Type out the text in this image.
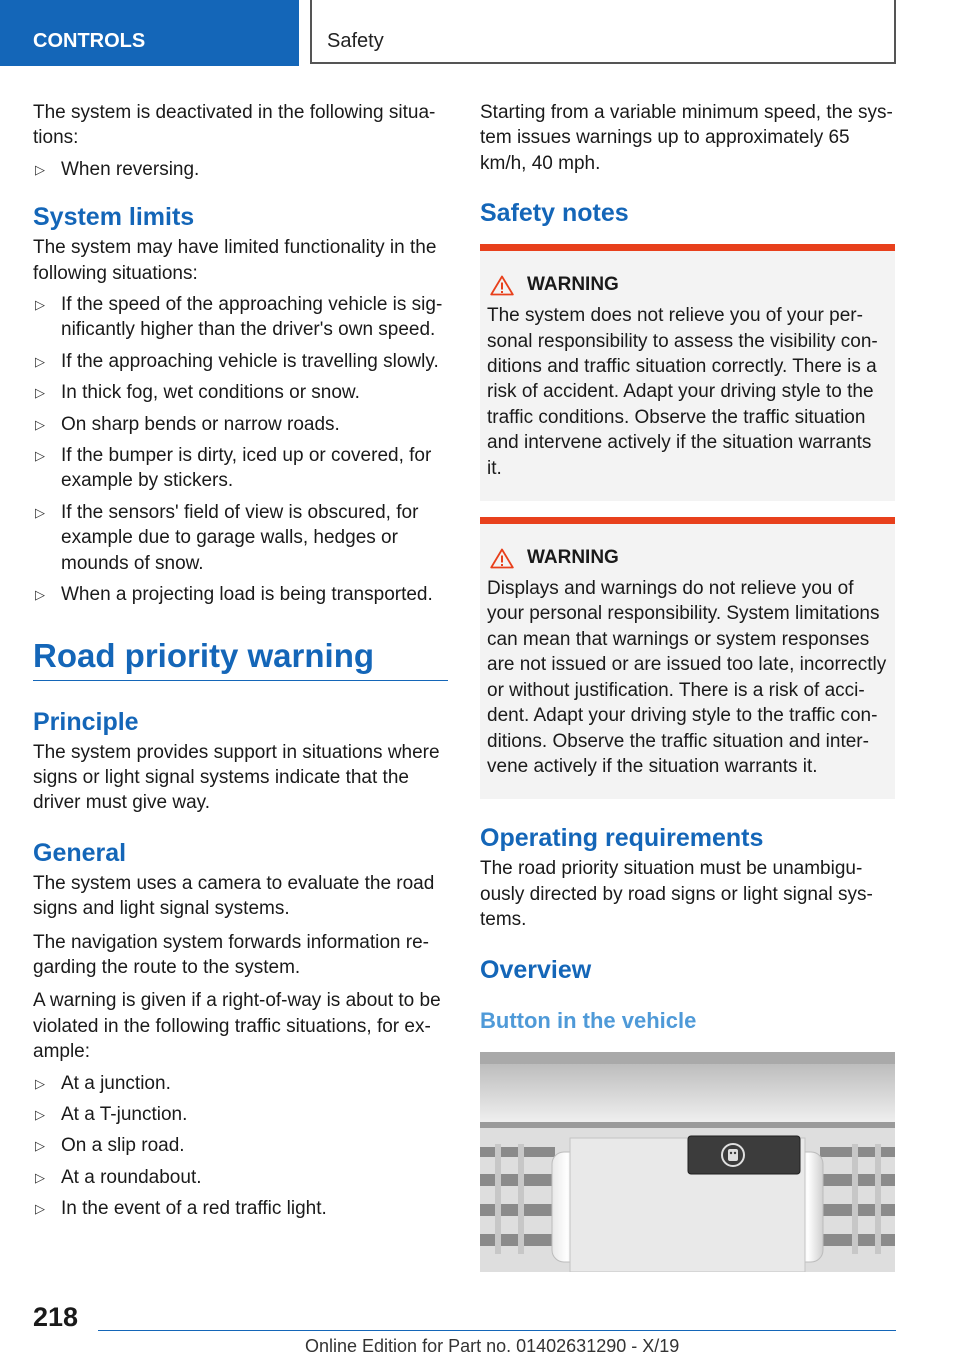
CONTROLS	Safety

The system is deactivated in the following situa‐tions:

▷ When reversing.
System limits

The system may have limited functionality in the following situations:

▷ If the speed of the approaching vehicle is sig‐nificantly higher than the driver's own speed.
▷ If the approaching vehicle is travelling slowly.
▷ In thick fog, wet conditions or snow.
▷ On sharp bends or narrow roads.
▷ If the bumper is dirty, iced up or covered, for example by stickers.
▷ If the sensors' field of view is obscured, for example due to garage walls, hedges or mounds of snow.
▷ When a projecting load is being transported.
Road priority warning
Principle

The system provides support in situations where signs or light signal systems indicate that the driver must give way.

General

The system uses a camera to evaluate the road signs and light signal systems.

The navigation system forwards information re‐garding the route to the system.

A warning is given if a right-of-way is about to be violated in the following traffic situations, for ex‐ample:

▷ At a junction.
▷ At a T-junction.
▷ On a slip road.
▷ At a roundabout.
▷ In the event of a red traffic light.

Starting from a variable minimum speed, the sys‐tem issues warnings up to approximately 65 km/h, 40 mph.

Safety notes
WARNING

The system does not relieve you of your per‐sonal responsibility to assess the visibility con‐ditions and traffic situation correctly. There is a risk of accident. Adapt your driving style to the traffic conditions. Observe the traffic situation and intervene actively if the situation warrants it.

WARNING

Displays and warnings do not relieve you of your personal responsibility. System limitations can mean that warnings or system responses are not issued or are issued too late, incorrectly or without justification. There is a risk of acci‐dent. Adapt your driving style to the traffic con‐ditions. Observe the traffic situation and inter‐vene actively if the situation warrants it.

Operating requirements

The road priority situation must be unambigu‐ously directed by road signs or light signal sys‐tems.

Overview
Button in the vehicle
218
Online Edition for Part no. 01402631290 - X/19
